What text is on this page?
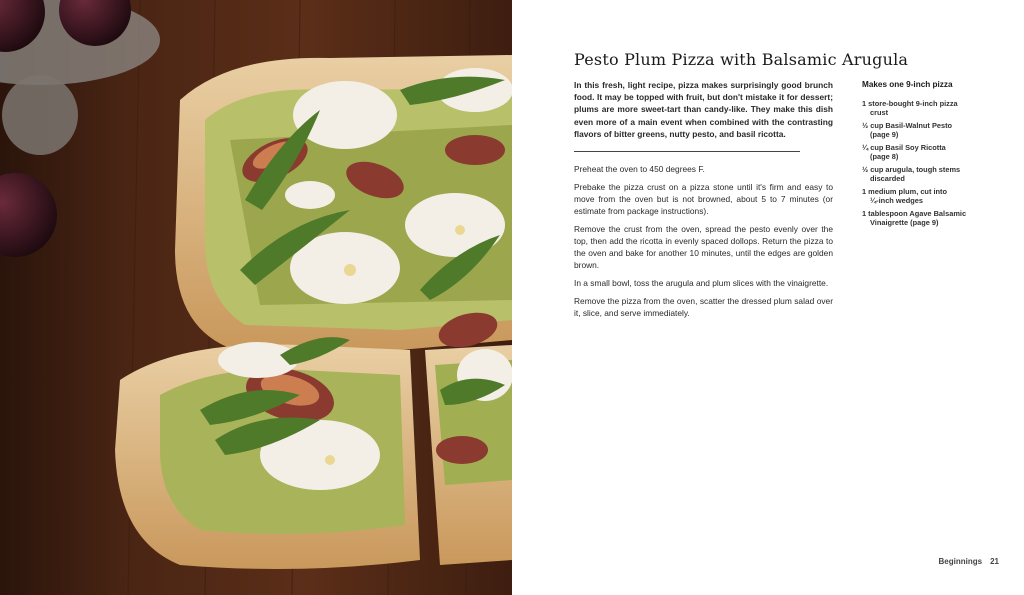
Pesto Plum Pizza with Balsamic Arugula

In this fresh, light recipe, pizza makes surprisingly good brunch food. It may be topped with fruit, but don't mistake it for dessert; plums are more sweet-tart than candy-like. They make this dish even more of a main event when combined with the contrasting flavors of bitter greens, nutty pesto, and basil ricotta.

Preheat the oven to 450 degrees F.

Prebake the pizza crust on a pizza stone until it's firm and easy to move from the oven but is not browned, about 5 to 7 minutes (or estimate from package instructions).

Remove the crust from the oven, spread the pesto evenly over the top, then add the ricotta in evenly spaced dollops. Return the pizza to the oven and bake for another 10 minutes, until the edges are golden brown.

In a small bowl, toss the arugula and plum slices with the vinaigrette.

Remove the pizza from the oven, scatter the dressed plum salad over it, slice, and serve immediately.

Makes one 9-inch pizza

1 store-bought 9-inch pizza
crust
½ cup Basil-Walnut Pesto
(page 9)
¼ cup Basil Soy Ricotta
(page 8)
½ cup arugula, tough stems
discarded
1 medium plum, cut into
¼-inch wedges
1 tablespoon Agave Balsamic
Vinaigrette (page 9)
Beginnings 21
